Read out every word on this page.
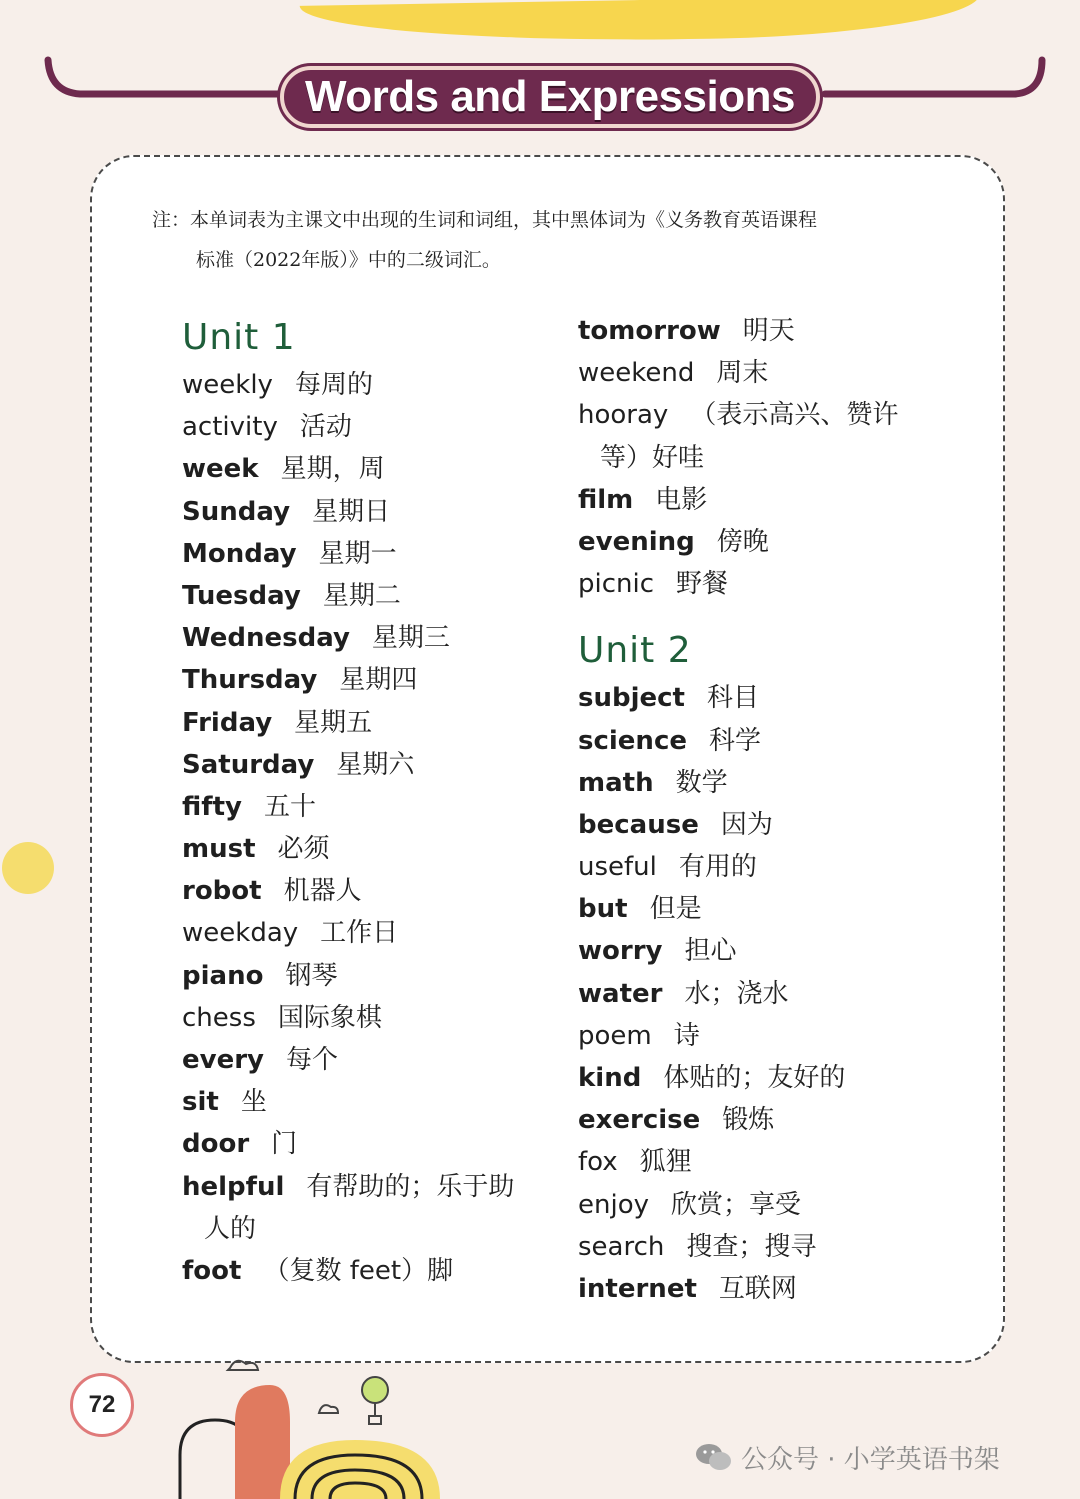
Words and Expressions
注：本单词表为主课文中出现的生词和词组，其中黑体词为《义务教育英语课程
标准（2022年版）》中的二级词汇。
Unit 1
weekly 每周的
activity 活动
week 星期，周
Sunday 星期日
Monday 星期一
Tuesday 星期二
Wednesday 星期三
Thursday 星期四
Friday 星期五
Saturday 星期六
fifty 五十
must 必须
robot 机器人
weekday 工作日
piano 钢琴
chess 国际象棋
every 每个
sit 坐
door 门
helpful 有帮助的；乐于助
人的
foot （复数 feet）脚
tomorrow 明天
weekend 周末
hooray （表示高兴、赞许
等）好哇
film 电影
evening 傍晚
picnic 野餐
Unit 2
subject 科目
science 科学
math 数学
because 因为
useful 有用的
but 但是
worry 担心
water 水；浇水
poem 诗
kind 体贴的；友好的
exercise 锻炼
fox 狐狸
enjoy 欣赏；享受
search 搜查；搜寻
internet 互联网
72
公众号 · 小学英语书架
